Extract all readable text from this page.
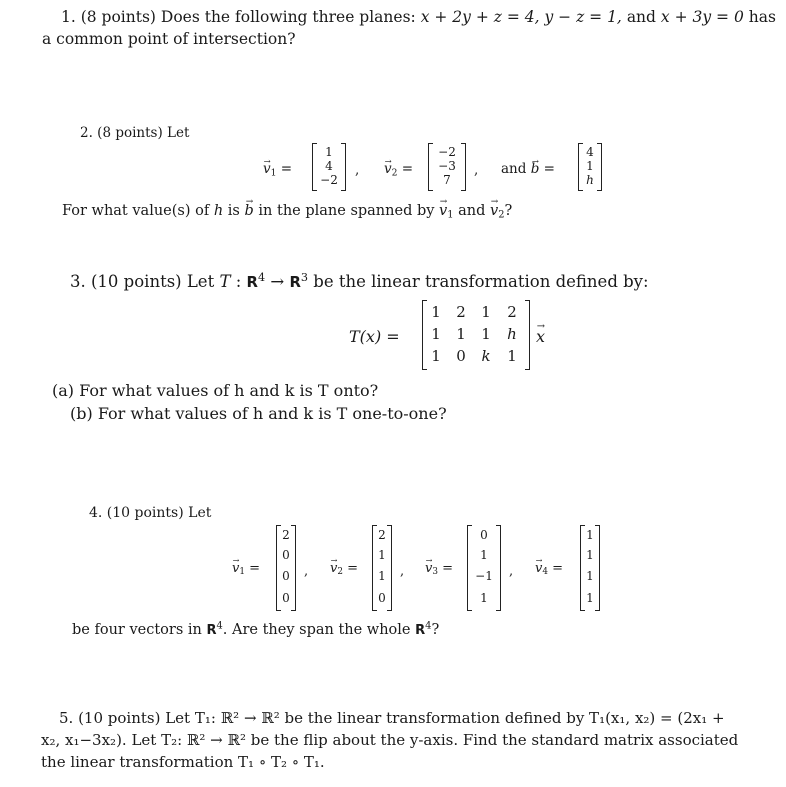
1. (8 points) Does the following three planes: x + 2y + z = 4, y − z = 1, and x + 3y = 0 has
a common point of intersection?
2. (8 points) Let
→ $v_1$ =
1
4
−2
, → $v_2$ =
−2
−3
7
, and → b =
4
1
h
For what value(s) of h is → b in the plane spanned by → $v_1$ and → $v_2$?
3. (10 points) Let T : $R^4 \to R^3$ be the linear transformation defined by:
T(x) =
1	2	1	2
1	1	1	h
1	0	k	1
→ x
(a) For what values of h and k is T onto?
(b) For what values of h and k is T one-to-one?
4. (10 points) Let
→ $v_1$ =
2
0
0
0
, → $v_2$ =
2
1
1
0
, → $v_3$ =
0
1
−1
1
, → $v_4$ =
1
1
1
1
be four vectors in $R^4$. Are they span the whole $R^4$?
5. (10 points) Let T₁: ℝ² → ℝ² be the linear transformation defined by T₁(x₁, x₂) = (2x₁ +
x₂, x₁−3x₂). Let T₂: ℝ² → ℝ² be the flip about the y-axis. Find the standard matrix associated
the linear transformation T₁ ∘ T₂ ∘ T₁.
